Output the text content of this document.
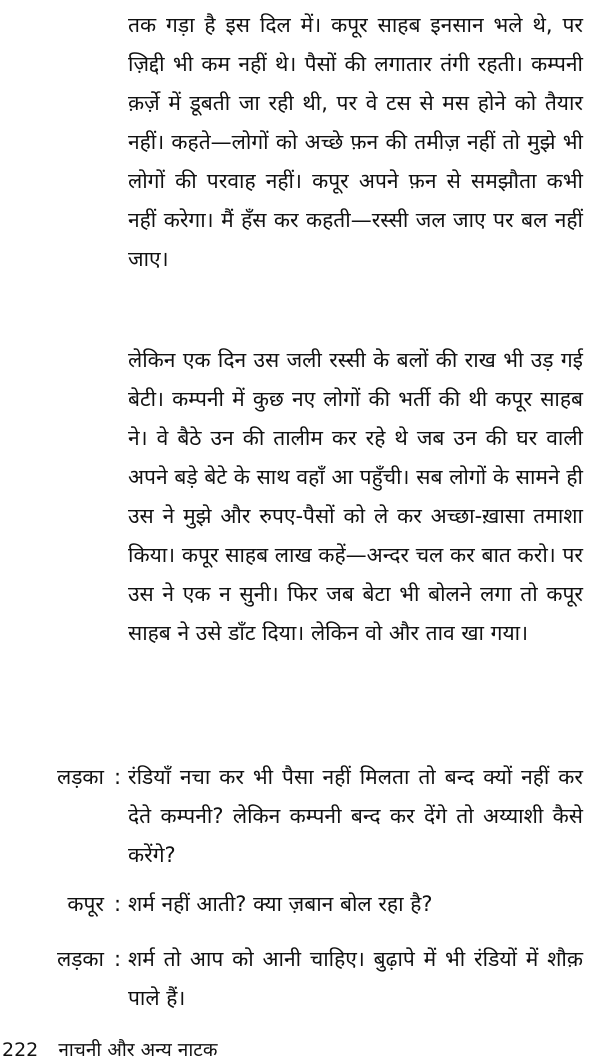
तक गड़ा है इस दिल में। कपूर साहब इनसान भले थे, पर ज़िद्दी भी कम नहीं थे। पैसों की लगातार तंगी रहती। कम्पनी क़र्ज़े में डूबती जा रही थी, पर वे टस से मस होने को तैयार नहीं। कहते—लोगों को अच्छे फ़न की तमीज़ नहीं तो मुझे भी लोगों की परवाह नहीं। कपूर अपने फ़न से समझौता कभी नहीं करेगा। मैं हँस कर कहती—रस्सी जल जाए पर बल नहीं जाए।

लेकिन एक दिन उस जली रस्सी के बलों की राख भी उड़ गई बेटी। कम्पनी में कुछ नए लोगों की भर्ती की थी कपूर साहब ने। वे बैठे उन की तालीम कर रहे थे जब उन की घर वाली अपने बड़े बेटे के साथ वहाँ आ पहुँची। सब लोगों के सामने ही उस ने मुझे और रुपए-पैसों को ले कर अच्छा-ख़ासा तमाशा किया। कपूर साहब लाख कहें—अन्दर चल कर बात करो। पर उस ने एक न सुनी। फिर जब बेटा भी बोलने लगा तो कपूर साहब ने उसे डाँट दिया। लेकिन वो और ताव खा गया।

लड़का : रंडियाँ नचा कर भी पैसा नहीं मिलता तो बन्द क्यों नहीं कर देते कम्पनी? लेकिन कम्पनी बन्द कर देंगे तो अय्याशी कैसे करेंगे?
कपूर : शर्म नहीं आती? क्या ज़बान बोल रहा है?
लड़का : शर्म तो आप को आनी चाहिए। बुढ़ापे में भी रंडियों में शौक़ पाले हैं।
222 नाचनी और अन्य नाटक
